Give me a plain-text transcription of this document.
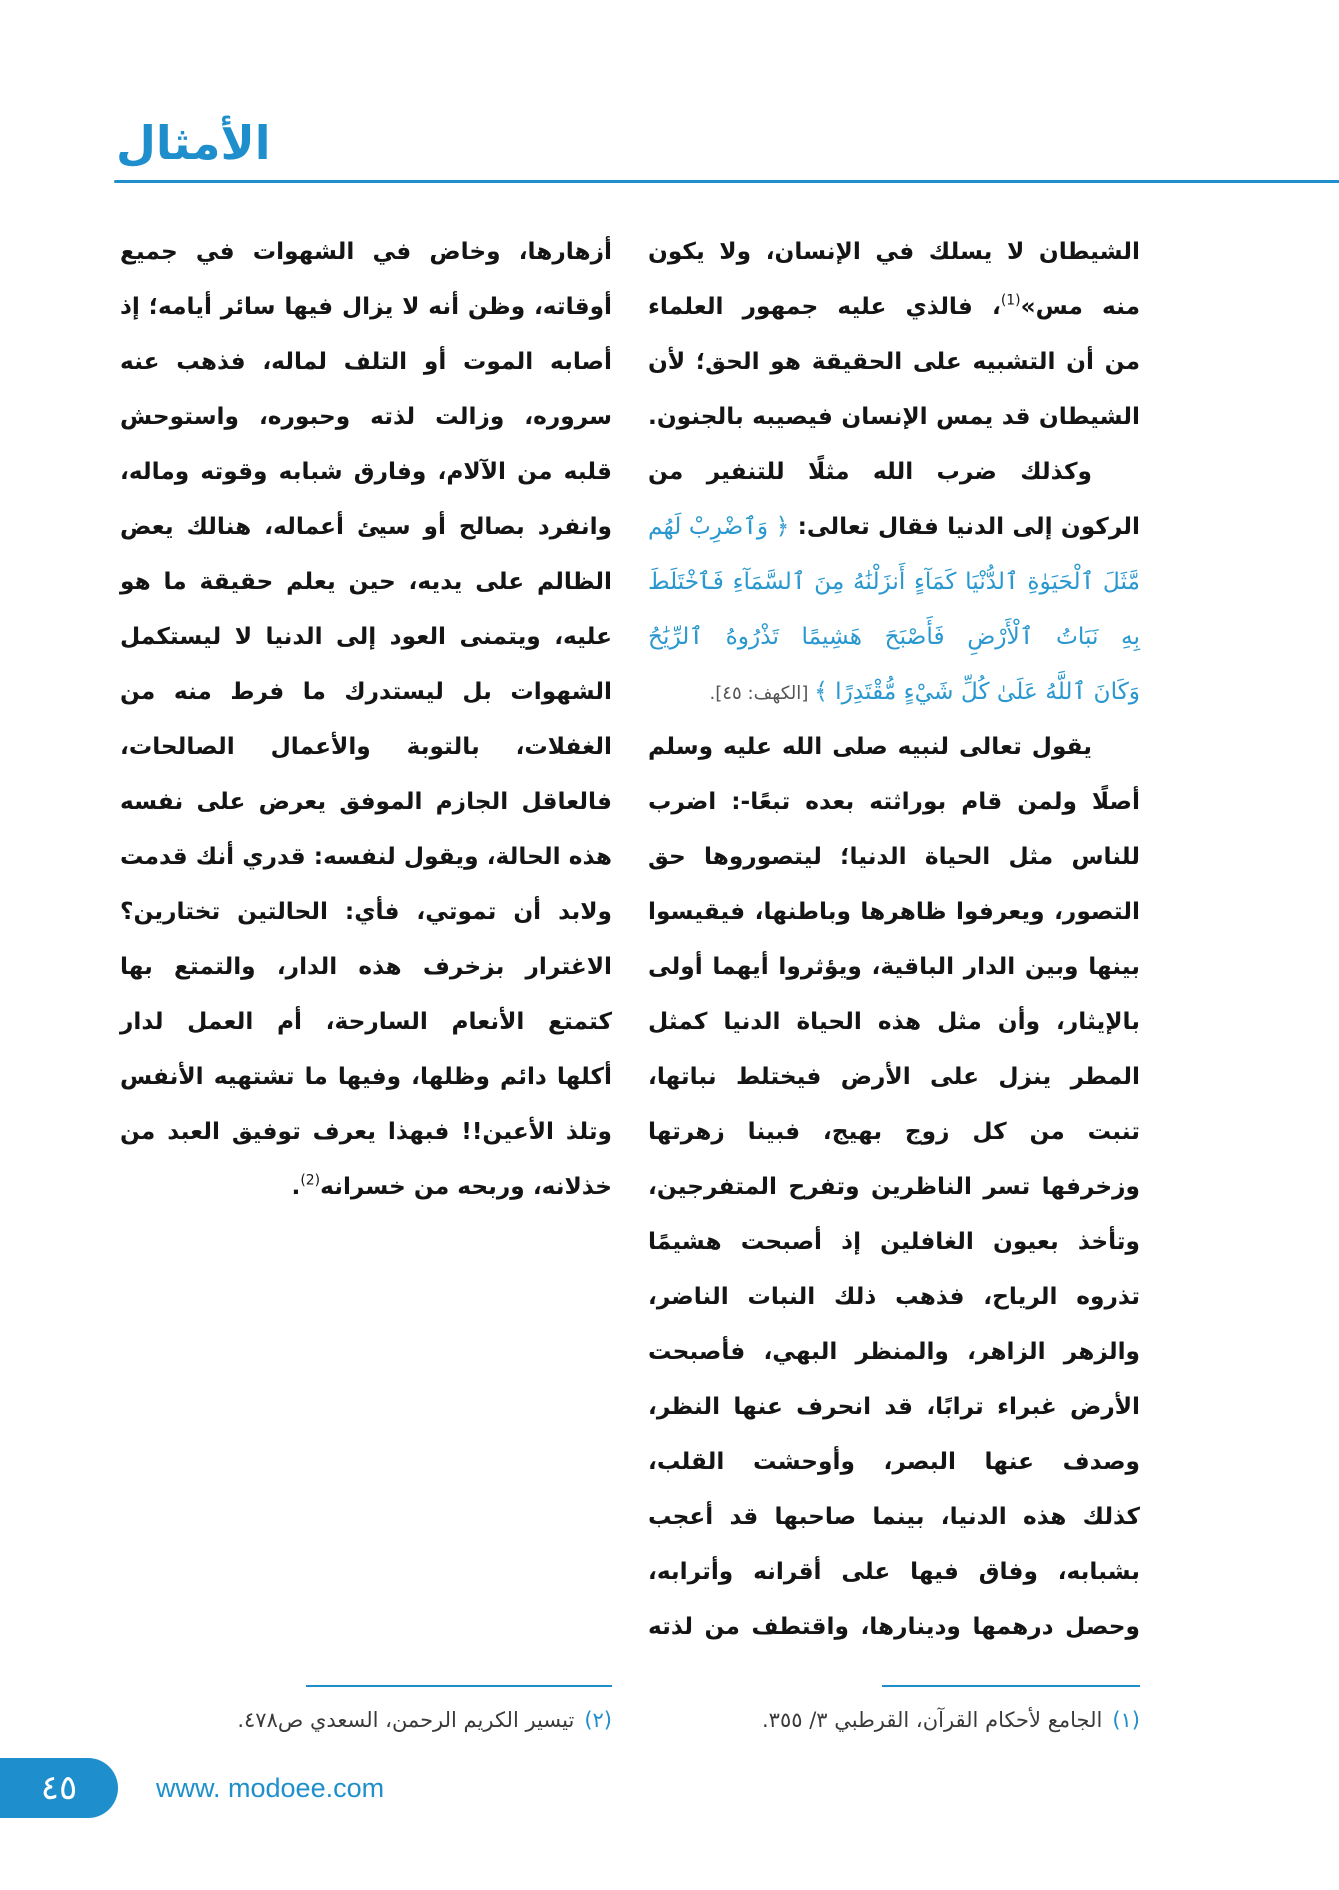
الأمثال
الشيطان لا يسلك في الإنسان، ولا يكون
منه مس»$^{(1)}$، فالذي عليه جمهور العلماء
من أن التشبيه على الحقيقة هو الحق؛ لأن
الشيطان قد يمس الإنسان فيصيبه بالجنون.
وكذلك ضرب الله مثلًا للتنفير من
الركون إلى الدنيا فقال تعالى: ﴿ وَٱضْرِبْ لَهُم
مَّثَلَ ٱلْحَيَوٰةِ ٱلدُّنْيَا كَمَآءٍ أَنزَلْنَٰهُ مِنَ ٱلسَّمَآءِ فَٱخْتَلَطَ
بِهِ نَبَاتُ ٱلْأَرْضِ فَأَصْبَحَ هَشِيمًا تَذْرُوهُ ٱلرِّيَٰحُ
وَكَانَ ٱللَّهُ عَلَىٰ كُلِّ شَيْءٍ مُّقْتَدِرًا ﴾ [الكهف: ٤٥].
يقول تعالى لنبيه صلى الله عليه وسلم
أصلًا ولمن قام بوراثته بعده تبعًا-: اضرب
للناس مثل الحياة الدنيا؛ ليتصوروها حق
التصور، ويعرفوا ظاهرها وباطنها، فيقيسوا
بينها وبين الدار الباقية، ويؤثروا أيهما أولى
بالإيثار، وأن مثل هذه الحياة الدنيا كمثل
المطر ينزل على الأرض فيختلط نباتها،
تنبت من كل زوج بهيج، فبينا زهرتها
وزخرفها تسر الناظرين وتفرح المتفرجين،
وتأخذ بعيون الغافلين إذ أصبحت هشيمًا
تذروه الرياح، فذهب ذلك النبات الناضر،
والزهر الزاهر، والمنظر البهي، فأصبحت
الأرض غبراء ترابًا، قد انحرف عنها النظر،
وصدف عنها البصر، وأوحشت القلب،
كذلك هذه الدنيا، بينما صاحبها قد أعجب
بشبابه، وفاق فيها على أقرانه وأترابه،
وحصل درهمها ودينارها، واقتطف من لذته
أزهارها، وخاض في الشهوات في جميع
أوقاته، وظن أنه لا يزال فيها سائر أيامه؛ إذ
أصابه الموت أو التلف لماله، فذهب عنه
سروره، وزالت لذته وحبوره، واستوحش
قلبه من الآلام، وفارق شبابه وقوته وماله،
وانفرد بصالح أو سيئ أعماله، هنالك يعض
الظالم على يديه، حين يعلم حقيقة ما هو
عليه، ويتمنى العود إلى الدنيا لا ليستكمل
الشهوات بل ليستدرك ما فرط منه من
الغفلات، بالتوبة والأعمال الصالحات،
فالعاقل الجازم الموفق يعرض على نفسه
هذه الحالة، ويقول لنفسه: قدري أنك قدمت
ولابد أن تموتي، فأي: الحالتين تختارين؟
الاغترار بزخرف هذه الدار، والتمتع بها
كتمتع الأنعام السارحة، أم العمل لدار
أكلها دائم وظلها، وفيها ما تشتهيه الأنفس
وتلذ الأعين!! فبهذا يعرف توفيق العبد من
خذلانه، وربحه من خسرانه$^{(2)}$.
(١)الجامع لأحكام القرآن، القرطبي ٣/ ٣٥٥.
(٢)تيسير الكريم الرحمن، السعدي ص٤٧٨.
٤٥	www. modoee.com
